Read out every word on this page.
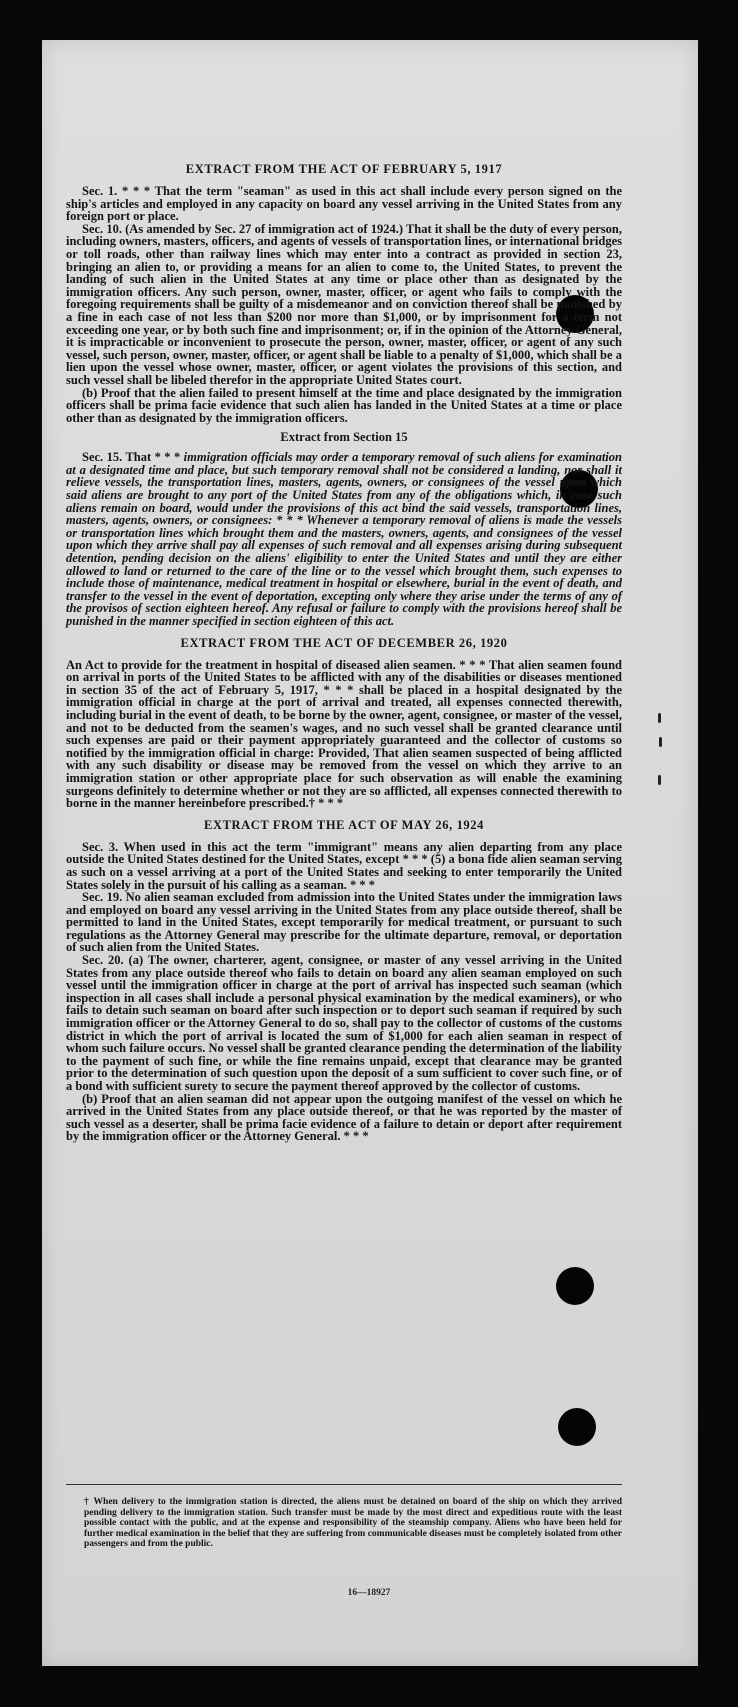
EXTRACT FROM THE ACT OF FEBRUARY 5, 1917

Sec. 1. * * * That the term "seaman" as used in this act shall include every person signed on the ship's articles and employed in any capacity on board any vessel arriving in the United States from any foreign port or place.

Sec. 10. (As amended by Sec. 27 of immigration act of 1924.) That it shall be the duty of every person, including owners, masters, officers, and agents of vessels of transportation lines, or international bridges or toll roads, other than railway lines which may enter into a contract as provided in section 23, bringing an alien to, or providing a means for an alien to come to, the United States, to prevent the landing of such alien in the United States at any time or place other than as designated by the immigration officers. Any such person, owner, master, officer, or agent who fails to comply with the foregoing requirements shall be guilty of a misdemeanor and on conviction thereof shall be punished by a fine in each case of not less than $200 nor more than $1,000, or by imprisonment for a term not exceeding one year, or by both such fine and imprisonment; or, if in the opinion of the Attorney General, it is impracticable or inconvenient to prosecute the person, owner, master, officer, or agent of any such vessel, such person, owner, master, officer, or agent shall be liable to a penalty of $1,000, which shall be a lien upon the vessel whose owner, master, officer, or agent violates the provisions of this section, and such vessel shall be libeled therefor in the appropriate United States court.

(b) Proof that the alien failed to present himself at the time and place designated by the immigration officers shall be prima facie evidence that such alien has landed in the United States at a time or place other than as designated by the immigration officers.

Extract from Section 15

Sec. 15. That * * * immigration officials may order a temporary removal of such aliens for examination at a designated time and place, but such temporary removal shall not be considered a landing, nor shall it relieve vessels, the transportation lines, masters, agents, owners, or consignees of the vessel upon which said aliens are brought to any port of the United States from any of the obligations which, in case such aliens remain on board, would under the provisions of this act bind the said vessels, transportation lines, masters, agents, owners, or consignees: * * * Whenever a temporary removal of aliens is made the vessels or transportation lines which brought them and the masters, owners, agents, and consignees of the vessel upon which they arrive shall pay all expenses of such removal and all expenses arising during subsequent detention, pending decision on the aliens' eligibility to enter the United States and until they are either allowed to land or returned to the care of the line or to the vessel which brought them, such expenses to include those of maintenance, medical treatment in hospital or elsewhere, burial in the event of death, and transfer to the vessel in the event of deportation, excepting only where they arise under the terms of any of the provisos of section eighteen hereof. Any refusal or failure to comply with the provisions hereof shall be punished in the manner specified in section eighteen of this act.

EXTRACT FROM THE ACT OF DECEMBER 26, 1920

An Act to provide for the treatment in hospital of diseased alien seamen. * * * That alien seamen found on arrival in ports of the United States to be afflicted with any of the disabilities or diseases mentioned in section 35 of the act of February 5, 1917, * * * shall be placed in a hospital designated by the immigration official in charge at the port of arrival and treated, all expenses connected therewith, including burial in the event of death, to be borne by the owner, agent, consignee, or master of the vessel, and not to be deducted from the seamen's wages, and no such vessel shall be granted clearance until such expenses are paid or their payment appropriately guaranteed and the collector of customs so notified by the immigration official in charge: Provided, That alien seamen suspected of being afflicted with any such disability or disease may be removed from the vessel on which they arrive to an immigration station or other appropriate place for such observation as will enable the examining surgeons definitely to determine whether or not they are so afflicted, all expenses connected therewith to borne in the manner hereinbefore prescribed.† * * *

EXTRACT FROM THE ACT OF MAY 26, 1924

Sec. 3. When used in this act the term "immigrant" means any alien departing from any place outside the United States destined for the United States, except * * * (5) a bona fide alien seaman serving as such on a vessel arriving at a port of the United States and seeking to enter temporarily the United States solely in the pursuit of his calling as a seaman. * * *

Sec. 19. No alien seaman excluded from admission into the United States under the immigration laws and employed on board any vessel arriving in the United States from any place outside thereof, shall be permitted to land in the United States, except temporarily for medical treatment, or pursuant to such regulations as the Attorney General may prescribe for the ultimate departure, removal, or deportation of such alien from the United States.

Sec. 20. (a) The owner, charterer, agent, consignee, or master of any vessel arriving in the United States from any place outside thereof who fails to detain on board any alien seaman employed on such vessel until the immigration officer in charge at the port of arrival has inspected such seaman (which inspection in all cases shall include a personal physical examination by the medical examiners), or who fails to detain such seaman on board after such inspection or to deport such seaman if required by such immigration officer or the Attorney General to do so, shall pay to the collector of customs of the customs district in which the port of arrival is located the sum of $1,000 for each alien seaman in respect of whom such failure occurs. No vessel shall be granted clearance pending the determination of the liability to the payment of such fine, or while the fine remains unpaid, except that clearance may be granted prior to the determination of such question upon the deposit of a sum sufficient to cover such fine, or of a bond with sufficient surety to secure the payment thereof approved by the collector of customs.

(b) Proof that an alien seaman did not appear upon the outgoing manifest of the vessel on which he arrived in the United States from any place outside thereof, or that he was reported by the master of such vessel as a deserter, shall be prima facie evidence of a failure to detain or deport after requirement by the immigration officer or the Attorney General. * * *

† When delivery to the immigration station is directed, the aliens must be detained on board of the ship on which they arrived pending delivery to the immigration station. Such transfer must be made by the most direct and expeditious route with the least possible contact with the public, and at the expense and responsibility of the steamship company. Aliens who have been held for further medical examination in the belief that they are suffering from communicable diseases must be completely isolated from other passengers and from the public.
16—18927
